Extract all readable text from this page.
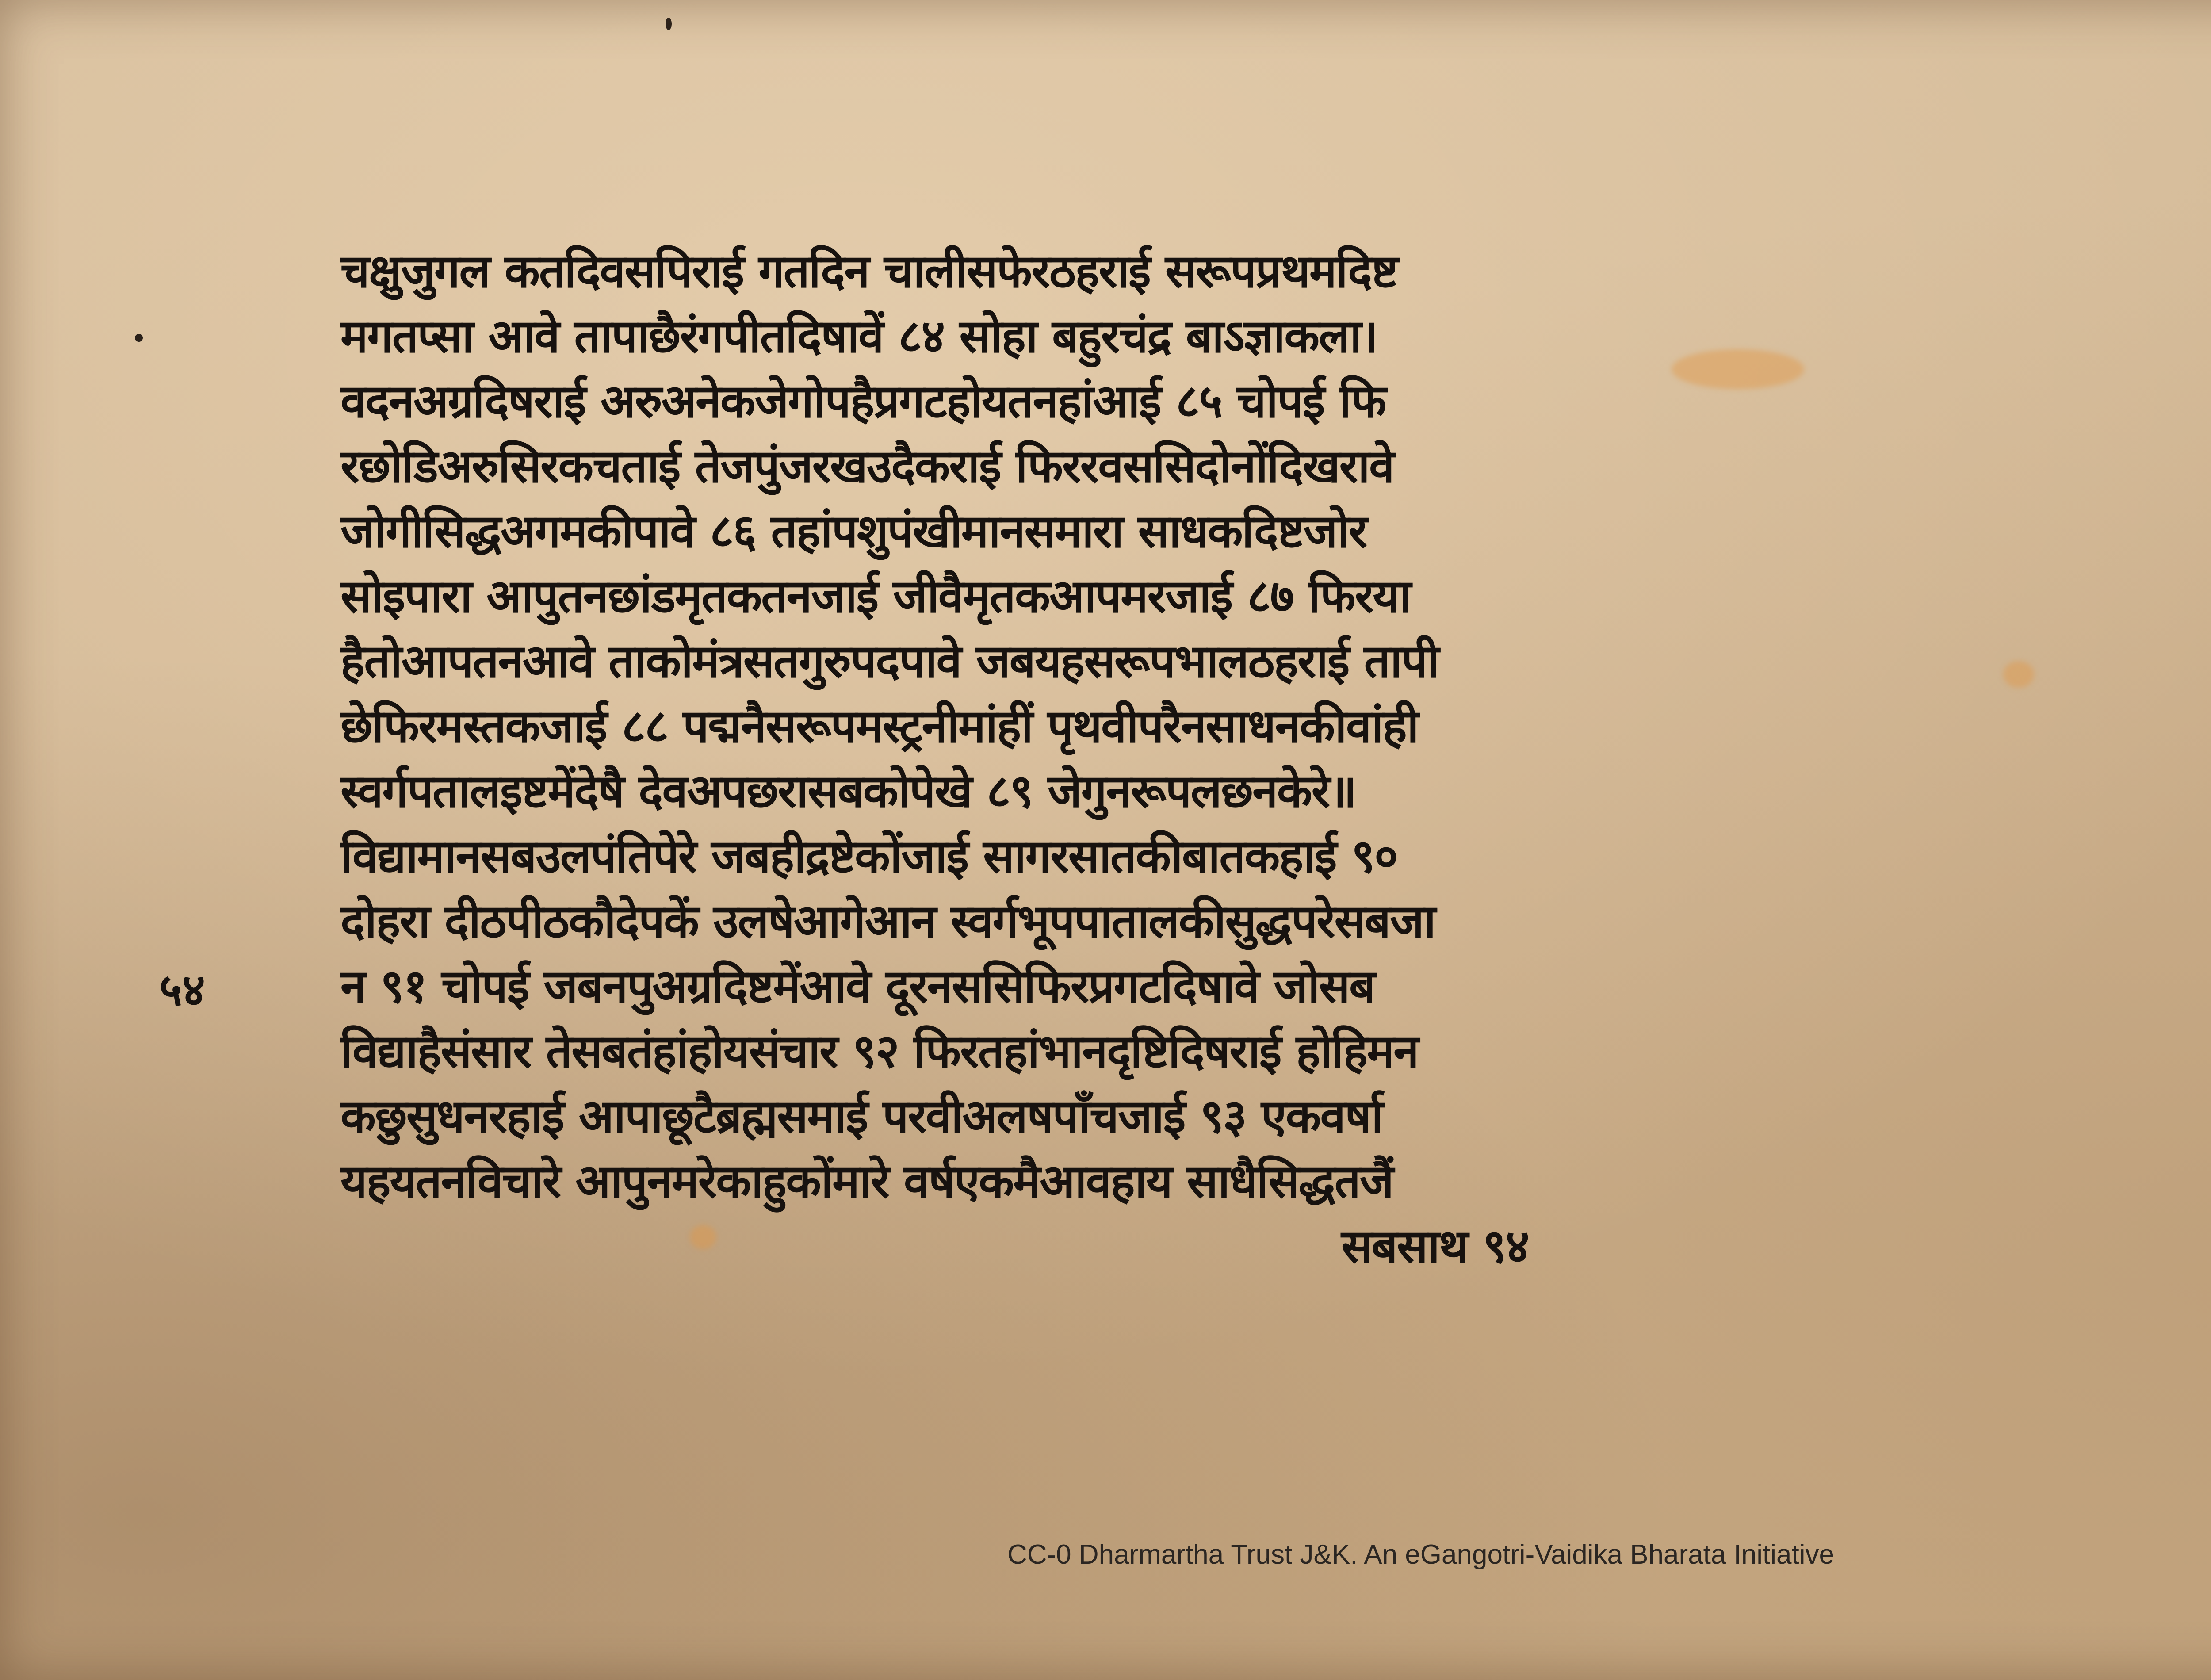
५४
चक्षुजुगल कतदिवसपिराई गतदिन चालीसफेरठहराई सरूपप्रथमदिष्ट
मगतप्सा आवे तापाछैरंगपीतदिषावें ८४ सोहा बहुरचंद्र बाऽज्ञाकला।
वदनअग्रदिषराई अरुअनेकजेगोपहैप्रगटहोयतनहांआई ८५ चोपई फि
रछोडिअरुसिरकचताई तेजपुंजरखउदैकराई फिररवससिदोनोंदिखरावे
जोगीसिद्धअगमकीपावे ८६ तहांपशुपंखीमानसमारा साधकदिष्टजोर
सोइपारा आपुतनछांडमृतकतनजाई जीवैमृतकआपमरजाई ८७ फिरया
हैतोआपतनआवे ताकोमंत्रसतगुरुपदपावे जबयहसरूपभालठहराई तापी
छेफिरमस्तकजाई ८८ पद्मनैसरूपमस्ट्रनीमांहीं पृथवीपरैनसाधनकीवांही
स्वर्गपतालइष्टमेंदेषै देवअपछरासबकोपेखे ८९ जेगुनरूपलछनकेरे॥
विद्यामानसबउलपंतिपेरे जबहीद्रष्टेकोंजाई सागरसातकीबातकहाई ९०
दोहरा दीठपीठकौदेपकें उलषेआगेआन स्वर्गभूपपातालकीसुद्धपरेसबजा
न ९१ चोपई जबनपुअग्रदिष्टमेंआवे दूरनससिफिरप्रगटदिषावे जोसब
विद्याहैसंसार तेसबतंहांहोयसंचार ९२ फिरतहांभानदृष्टिदिषराई होहिमन
कछुसुधनरहाई आपाछूटैब्रह्मसमाई परवीअलषपाँचजाई ९३ एकवर्षा
यहयतनविचारे आपुनमरेकाहुकोंमारे वर्षएकमैआवहाय साधैसिद्धतजैं
सबसाथ ९४
CC-0 Dharmartha Trust J&K. An eGangotri-Vaidika Bharata Initiative
